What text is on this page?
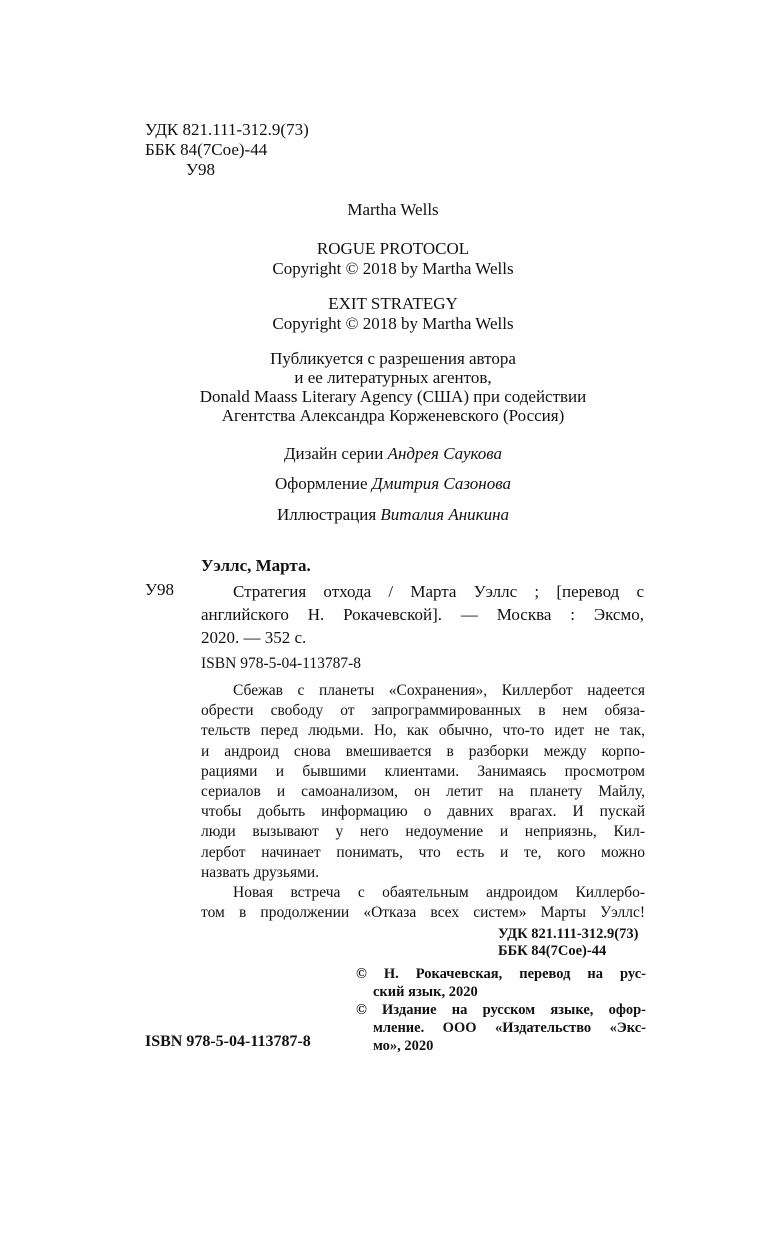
УДК 821.111-312.9(73)
ББК 84(7Сое)-44
У98
Martha Wells
ROGUE PROTOCOL
Copyright © 2018 by Martha Wells
EXIT STRATEGY
Copyright © 2018 by Martha Wells
Публикуется с разрешения автора
и ее литературных агентов,
Donald Maass Literary Agency (США) при содействии
Агентства Александра Корженевского (Россия)
Дизайн серии Андрея Саукова
Оформление Дмитрия Сазонова
Иллюстрация Виталия Аникина
Уэллс, Марта.
У98	Стратегия отхода / Марта Уэллс ; [перевод с
английского Н. Рокачевской]. — Москва : Эксмо,
2020. — 352 с.
ISBN 978-5-04-113787-8
Сбежав с планеты «Сохранения», Киллербот надеется
обрести свободу от запрограммированных в нем обяза-
тельств перед людьми. Но, как обычно, что-то идет не так,
и андроид снова вмешивается в разборки между корпо-
рациями и бывшими клиентами. Занимаясь просмотром
сериалов и самоанализом, он летит на планету Майлу,
чтобы добыть информацию о давних врагах. И пускай
люди вызывают у него недоумение и неприязнь, Кил-
лербот начинает понимать, что есть и те, кого можно
назвать друзьями.
Новая встреча с обаятельным андроидом Киллербо-
том в продолжении «Отказа всех систем» Марты Уэллс!
УДК 821.111-312.9(73)
ББК 84(7Сое)-44
© Н. Рокачевская, перевод на рус-
ский язык, 2020
© Издание на русском языке, офор-
мление. ООО «Издательство «Экс-
мо», 2020
ISBN 978-5-04-113787-8
